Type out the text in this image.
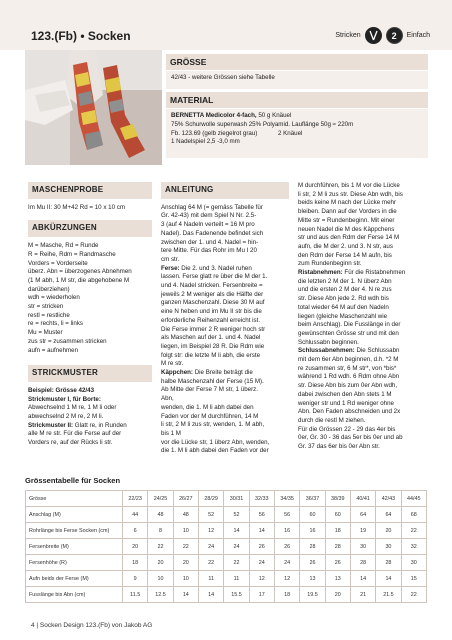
123.(Fb) • Socken	Stricken	2	Einfach
GRÖSSE
42/43 - weitere Grössen siehe Tabelle
MATERIAL
BERNETTA Medicolor 4-fach, 50 g Knäuel
75% Schurwolle superwash 25% Polyamid. Lauflänge 50g ≈ 220m
Fb. 123.69 (gelb ziegelrot grau)            2 Knäuel
1 Nadelspiel 2,5 -3,0 mm
MASCHENPROBE

Im Mu II: 30 M+42 Rd = 10 x 10 cm

ABKÜRZUNGEN
M = Masche, Rd = Runde
R = Reihe, Rdm = Randmasche
Vorders = Vorderseite
überz. Abn = überzogenes Abnehmen
(1 M abh, 1 M str, die abgehobene M
darüberziehen)
wdh = wiederholen
str = stricken
restl = restliche
re = rechts, li = links
Mu = Muster
zus str = zusammen stricken
aufn = aufnehmen
STRICKMUSTER

Beispiel: Grösse 42/43

Strickmuster I, für Borte:

Abwechselnd 1 M re, 1 M li oder
abwechselnd 2 M re, 2 M li.
Strickmuster II: Glatt re, in Runden
alle M re str. Für die Ferse auf der
Vorders re, auf der Rücks li str.
ANLEITUNG
Anschlag 64 M (= gemäss Tabelle für
Gr. 42-43) mit dem Spiel N Nr. 2.5-
3 (auf 4 Nadeln verteilt = 16 M pro
Nadel). Das Fadenende befindet sich
zwischen der 1. und 4. Nadel = hin-
tere Mitte. Für das Rohr im Mu I 20
cm str.
Ferse: Die 2. und 3. Nadel ruhen
lassen. Ferse glatt re über die M der 1.
und 4. Nadel stricken. Fersenbreite =
jeweils 2 M weniger als die Hälfte der
ganzen Maschenzahl. Diese 30 M auf
eine N heben und im Mu II str bis die
erforderliche Reihenzahl erreicht ist.
Die Ferse immer 2 R weniger hoch str
als Maschen auf der 1. und 4. Nadel
liegen, im Beispiel 28 R. Die Rdm wie
folgt str: die letzte M li abh, die erste
M re str.
Käppchen: Die Breite beträgt die
halbe Maschenzahl der Ferse (15 M).
Ab Mitte der Ferse 7 M str, 1 überz.
Abn,
wenden, die 1. M li abh dabei den
Faden vor der M durchführen, 14 M
li str, 2 M li zus str, wenden, 1. M abh,
bis 1 M
vor die Lücke str, 1 überz Abn, wenden,
die 1. M li abh dabei den Faden vor der
M durchführen, bis 1 M vor die Lücke
li str, 2 M li zus str. Diese Abn wdh, bis
beids keine M nach der Lücke mehr
bleiben. Dann auf der Vorders in die
Mitte str = Rundenbeginn. Mit einer
neuen Nadel die M des Käppchens
str und aus den Rdm der Ferse 14 M
aufn, die M der 2. und 3. N str, aus
den Rdm der Ferse 14 M aufn, bis
zum Rundenbeginn str.
Ristabnehmen: Für die Ristabnehmen
die letzten 2 M der 1. N überz Abn
und die ersten 2 M der 4. N re zus
str. Diese Abn jede 2. Rd wdh bis
total wieder 64 M auf den Nadeln
liegen (gleiche Maschenzahl wie
beim Anschlag). Die Fusslänge in der
gewünschten Grösse str und mit den
Schlussabn beginnen.
Schlussabnehmen: Die Schlussabn
mit dem 6er Abn beginnen, d.h. *2 M
re zusammen str, 6 M str*, von *bis*
während 1 Rd wdh. 6 Rdm ohne Abn
str. Diese Abn bis zum 0er Abn wdh,
dabei zwischen den Abn stets 1 M
weniger str und 1 Rd weniger ohne
Abn. Den Faden abschneiden und 2x
durch die restl M ziehen.
Für die Grössen 22 - 29 das 4er bis
0er, Gr. 30 - 36 das 5er bis 0er und ab
Gr. 37 das 6er bis 0er Abn str.
Grössentabelle für Socken
Grösse	22/23	24/25	26/27	28/29	30/31	32/33	34/35	36/37	38/39	40/41	42/43	44/45
Anschlag (M)	44	48	48	52	52	56	56	60	60	64	64	68
Rohrlänge bis Ferse Socken (cm)	6	8	10	12	14	14	16	16	18	19	20	22
Fersenbreite (M)	20	22	22	24	24	26	26	28	28	30	30	32
Fersenhöhe (R)	18	20	20	22	22	24	24	26	26	28	28	30
Aufn beids der Ferse (M)	9	10	10	11	11	12	12	13	13	14	14	15
Fusslänge bis Abn (cm)	11.5	12.5	14	14	15.5	17	18	19.5	20	21	21.5	22
4 | Socken Design 123.(Fb) von Jakob AG
